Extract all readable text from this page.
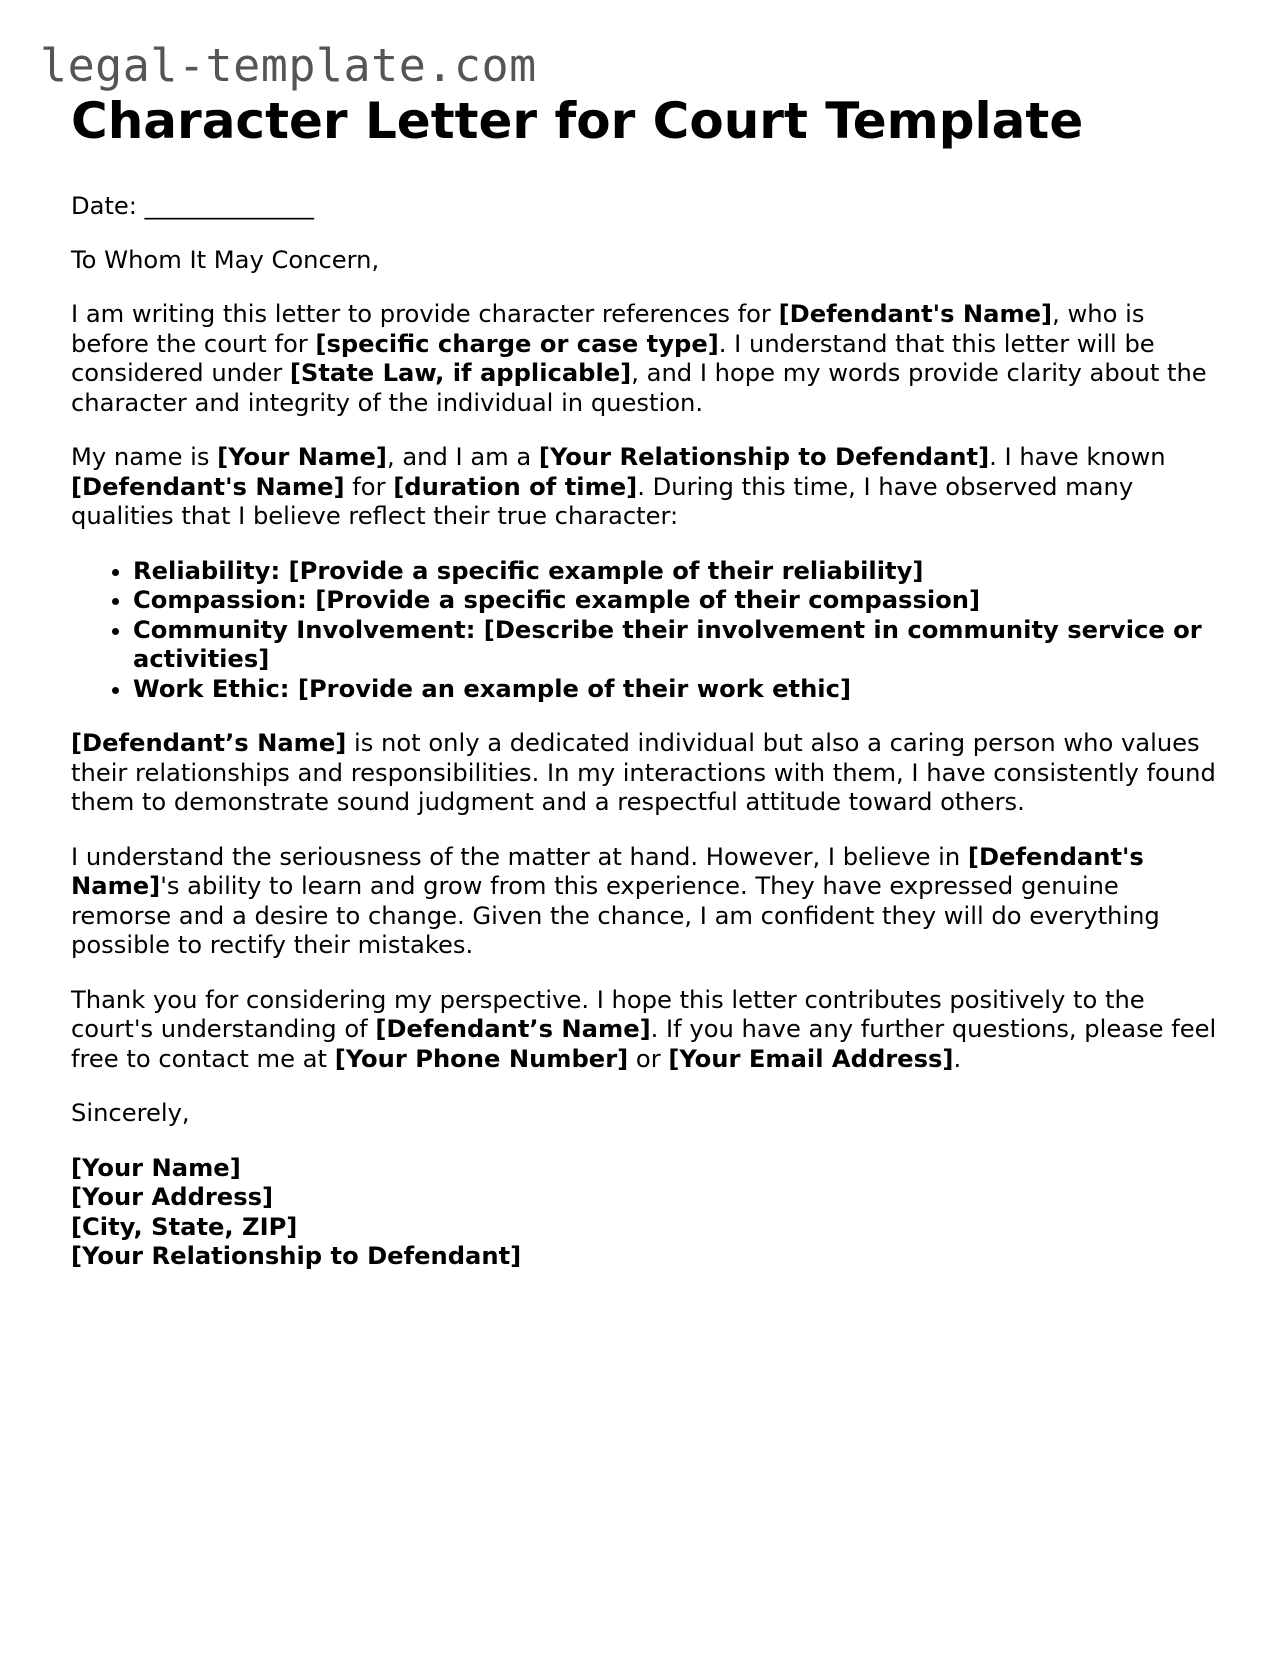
legal-template.com
Character Letter for Court Template

Date: ______________

To Whom It May Concern,

I am writing this letter to provide character references for [Defendant's Name], who is before the court for [specific charge or case type]. I understand that this letter will be considered under [State Law, if applicable], and I hope my words provide clarity about the character and integrity of the individual in question.

My name is [Your Name], and I am a [Your Relationship to Defendant]. I have known [Defendant's Name] for [duration of time]. During this time, I have observed many qualities that I believe reflect their true character:

• Reliability: [Provide a specific example of their reliability]
• Compassion: [Provide a specific example of their compassion]
• Community Involvement: [Describe their involvement in community service or activities]
• Work Ethic: [Provide an example of their work ethic]

[Defendant’s Name] is not only a dedicated individual but also a caring person who values their relationships and responsibilities. In my interactions with them, I have consistently found them to demonstrate sound judgment and a respectful attitude toward others.

I understand the seriousness of the matter at hand. However, I believe in [Defendant's Name]'s ability to learn and grow from this experience. They have expressed genuine remorse and a desire to change. Given the chance, I am confident they will do everything possible to rectify their mistakes.

Thank you for considering my perspective. I hope this letter contributes positively to the court's understanding of [Defendant’s Name]. If you have any further questions, please feel free to contact me at [Your Phone Number] or [Your Email Address].

Sincerely,

[Your Name]
[Your Address]
[City, State, ZIP]
[Your Relationship to Defendant]
